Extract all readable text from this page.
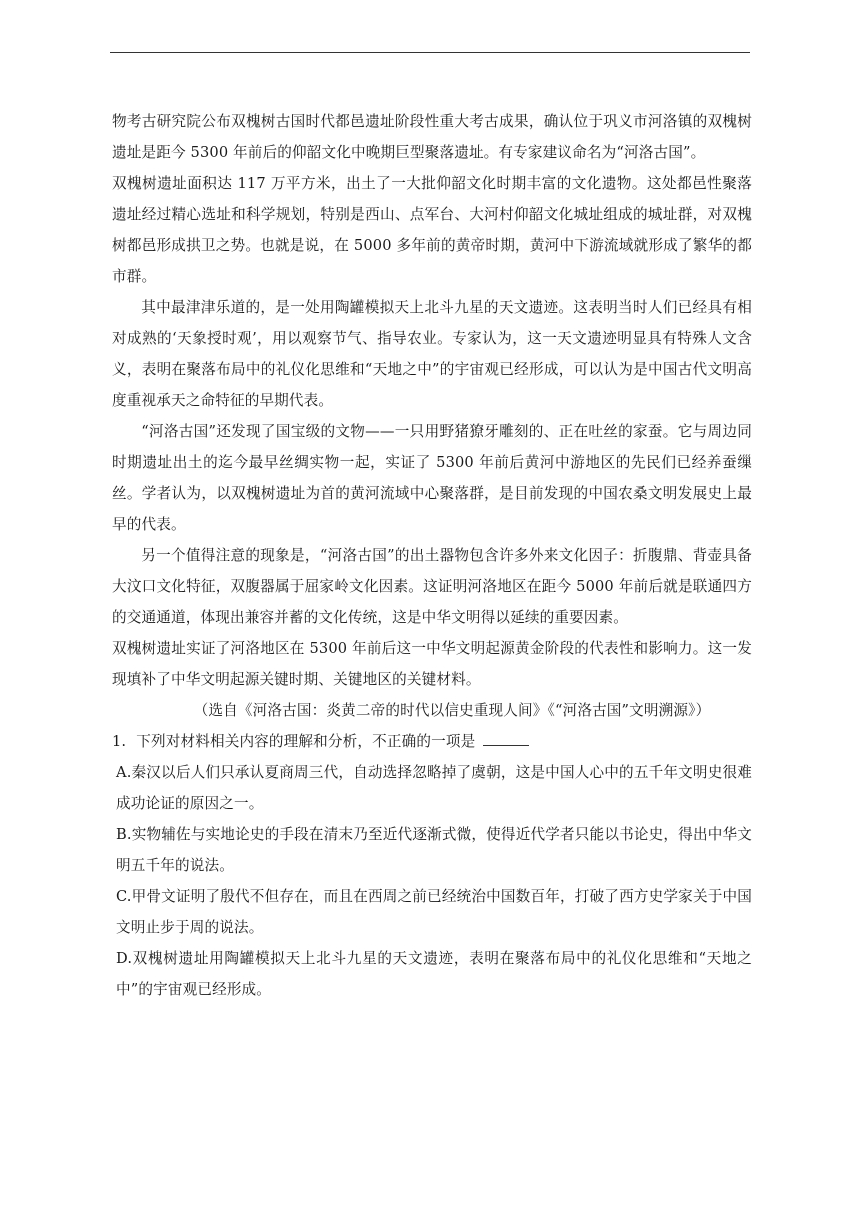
物考古研究院公布双槐树古国时代都邑遗址阶段性重大考古成果，确认位于巩义市河洛镇的双槐树遗址是距今 5300 年前后的仰韶文化中晚期巨型聚落遗址。有专家建议命名为“河洛古国”。

双槐树遗址面积达 117 万平方米，出土了一大批仰韶文化时期丰富的文化遗物。这处都邑性聚落遗址经过精心选址和科学规划，特别是西山、点军台、大河村仰韶文化城址组成的城址群，对双槐树都邑形成拱卫之势。也就是说，在 5000 多年前的黄帝时期，黄河中下游流域就形成了繁华的都市群。

其中最津津乐道的，是一处用陶罐模拟天上北斗九星的天文遗迹。这表明当时人们已经具有相对成熟的‘天象授时观’，用以观察节气、指导农业。专家认为，这一天文遗迹明显具有特殊人文含义，表明在聚落布局中的礼仪化思维和“天地之中”的宇宙观已经形成，可以认为是中国古代文明高度重视承天之命特征的早期代表。

“河洛古国”还发现了国宝级的文物——一只用野猪獠牙雕刻的、正在吐丝的家蚕。它与周边同时期遗址出土的迄今最早丝绸实物一起，实证了 5300 年前后黄河中游地区的先民们已经养蚕缫丝。学者认为，以双槐树遗址为首的黄河流域中心聚落群，是目前发现的中国农桑文明发展史上最早的代表。

另一个值得注意的现象是，“河洛古国”的出土器物包含许多外来文化因子：折腹鼎、背壶具备大汶口文化特征，双腹器属于屈家岭文化因素。这证明河洛地区在距今 5000 年前后就是联通四方的交通通道，体现出兼容并蓄的文化传统，这是中华文明得以延续的重要因素。

双槐树遗址实证了河洛地区在 5300 年前后这一中华文明起源黄金阶段的代表性和影响力。这一发现填补了中华文明起源关键时期、关键地区的关键材料。

（选自《河洛古国：炎黄二帝的时代以信史重现人间》《“河洛古国”文明溯源》）

1. 下列对材料相关内容的理解和分析，不正确的一项是

A.秦汉以后人们只承认夏商周三代，自动选择忽略掉了虞朝，这是中国人心中的五千年文明史很难成功论证的原因之一。

B.实物辅佐与实地论史的手段在清末乃至近代逐渐式微，使得近代学者只能以书论史，得出中华文明五千年的说法。

C.甲骨文证明了殷代不但存在，而且在西周之前已经统治中国数百年，打破了西方史学家关于中国文明止步于周的说法。

D.双槐树遗址用陶罐模拟天上北斗九星的天文遗迹，表明在聚落布局中的礼仪化思维和“天地之中”的宇宙观已经形成。
